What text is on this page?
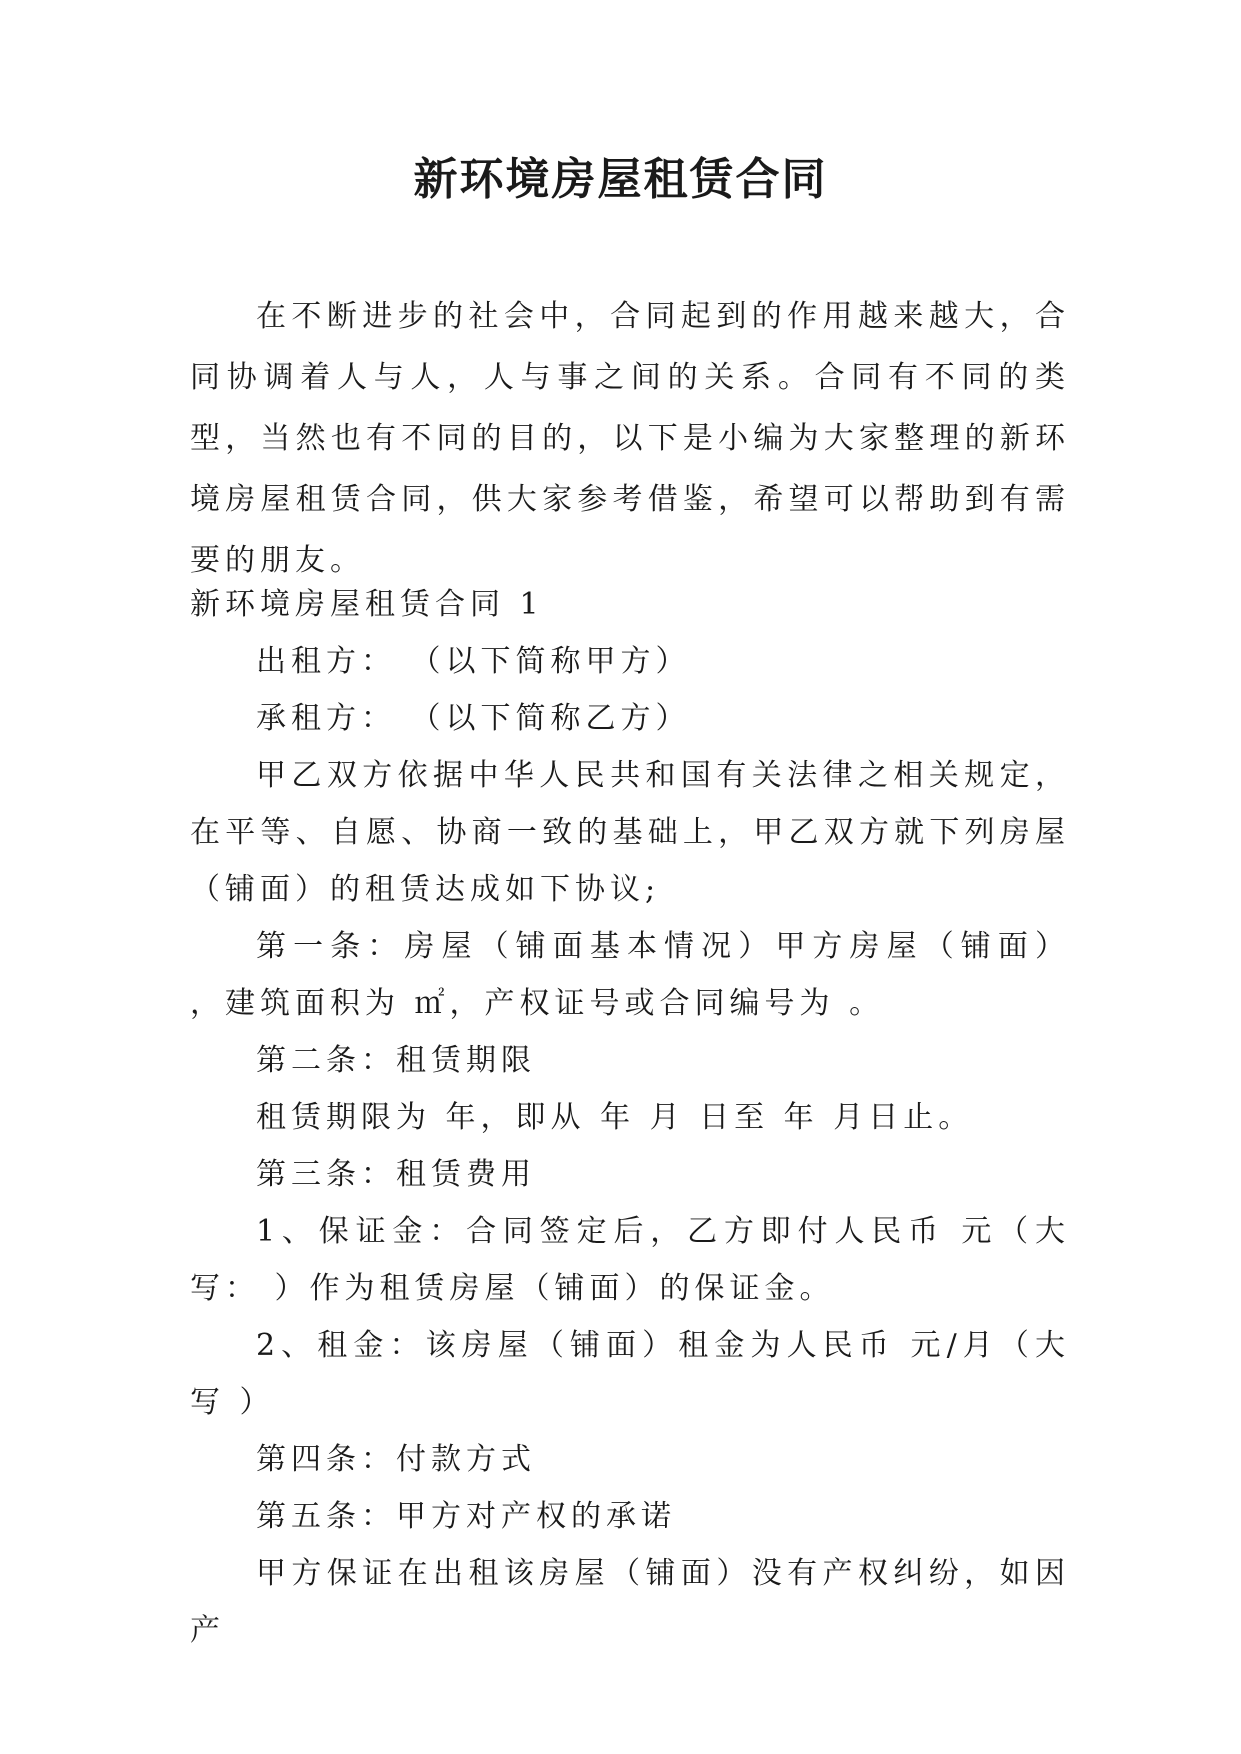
新环境房屋租赁合同

在不断进步的社会中，合同起到的作用越来越大，合同协调着人与人，人与事之间的关系。合同有不同的类型，当然也有不同的目的，以下是小编为大家整理的新环境房屋租赁合同，供大家参考借鉴，希望可以帮助到有需要的朋友。

新环境房屋租赁合同 1

出租方： （以下简称甲方）

承租方： （以下简称乙方）

甲乙双方依据中华人民共和国有关法律之相关规定，在平等、自愿、协商一致的基础上，甲乙双方就下列房屋（铺面）的租赁达成如下协议;

第一条：房屋（铺面基本情况）甲方房屋（铺面） ，建筑面积为 ㎡，产权证号或合同编号为 。

第二条：租赁期限

租赁期限为 年，即从 年 月 日至 年 月日止。

第三条：租赁费用

1、保证金：合同签定后，乙方即付人民币 元（大写： ）作为租赁房屋（铺面）的保证金。

2、租金：该房屋（铺面）租金为人民币 元/月（大写 ）

第四条：付款方式

第五条：甲方对产权的承诺

甲方保证在出租该房屋（铺面）没有产权纠纷，如因产
